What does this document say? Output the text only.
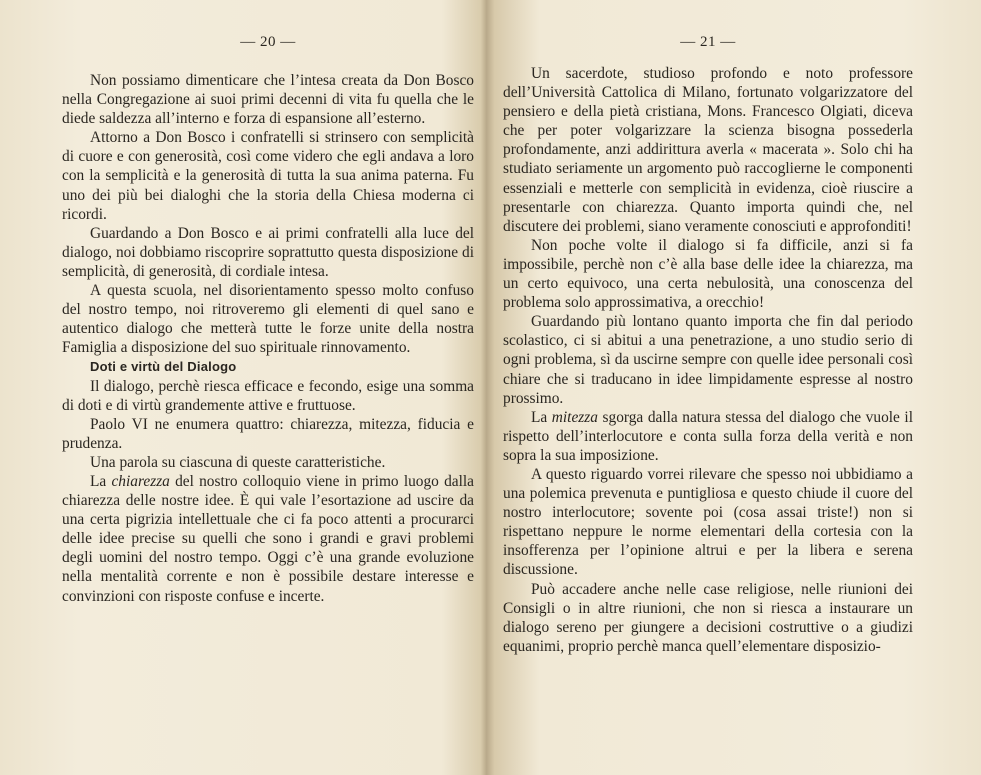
— 20 —

Non possiamo dimenticare che l’intesa creata da Don Bosco nella Congregazione ai suoi primi decenni di vita fu quella che le diede saldezza all’interno e forza di espansione all’esterno.

Attorno a Don Bosco i confratelli si strinsero con semplicità di cuore e con generosità, così come videro che egli andava a loro con la semplicità e la generosità di tutta la sua anima paterna. Fu uno dei più bei dialoghi che la storia della Chiesa moderna ci ricordi.

Guardando a Don Bosco e ai primi confratelli alla luce del dialogo, noi dobbiamo riscoprire soprattutto questa disposizione di semplicità, di generosità, di cordiale intesa.

A questa scuola, nel disorientamento spesso molto confuso del nostro tempo, noi ritroveremo gli elementi di quel sano e autentico dialogo che metterà tutte le forze unite della nostra Famiglia a disposizione del suo spirituale rinnovamento.

Doti e virtù del Dialogo

Il dialogo, perchè riesca efficace e fecondo, esige una somma di doti e di virtù grandemente attive e fruttuose.

Paolo VI ne enumera quattro: chiarezza, mitezza, fiducia e prudenza.

Una parola su ciascuna di queste caratteristiche.

La chiarezza del nostro colloquio viene in primo luogo dalla chiarezza delle nostre idee. È qui vale l’esortazione ad uscire da una certa pigrizia intellettuale che ci fa poco attenti a procurarci delle idee precise su quelli che sono i grandi e gravi problemi degli uomini del nostro tempo. Oggi c’è una grande evoluzione nella mentalità corrente e non è possibile destare interesse e convinzioni con risposte confuse e incerte.

— 21 —

Un sacerdote, studioso profondo e noto professore dell’Università Cattolica di Milano, fortunato volgarizzatore del pensiero e della pietà cristiana, Mons. Francesco Olgiati, diceva che per poter volgarizzare la scienza bisogna possederla profondamente, anzi addirittura averla « macerata ». Solo chi ha studiato seriamente un argomento può raccoglierne le componenti essenziali e metterle con semplicità in evidenza, cioè riuscire a presentarle con chiarezza. Quanto importa quindi che, nel discutere dei problemi, siano veramente conosciuti e approfonditi!

Non poche volte il dialogo si fa difficile, anzi si fa impossibile, perchè non c’è alla base delle idee la chiarezza, ma un certo equivoco, una certa nebulosità, una conoscenza del problema solo approssimativa, a orecchio!

Guardando più lontano quanto importa che fin dal periodo scolastico, ci si abitui a una penetrazione, a uno studio serio di ogni problema, sì da uscirne sempre con quelle idee personali così chiare che si traducano in idee limpidamente espresse al nostro prossimo.

La mitezza sgorga dalla natura stessa del dialogo che vuole il rispetto dell’interlocutore e conta sulla forza della verità e non sopra la sua imposizione.

A questo riguardo vorrei rilevare che spesso noi ubbidiamo a una polemica prevenuta e puntigliosa e questo chiude il cuore del nostro interlocutore; sovente poi (cosa assai triste!) non si rispettano neppure le norme elementari della cortesia con la insofferenza per l’opinione altrui e per la libera e serena discussione.

Può accadere anche nelle case religiose, nelle riunioni dei Consigli o in altre riunioni, che non si riesca a instaurare un dialogo sereno per giungere a decisioni costruttive o a giudizi equanimi, proprio perchè manca quell’elementare disposizio-
